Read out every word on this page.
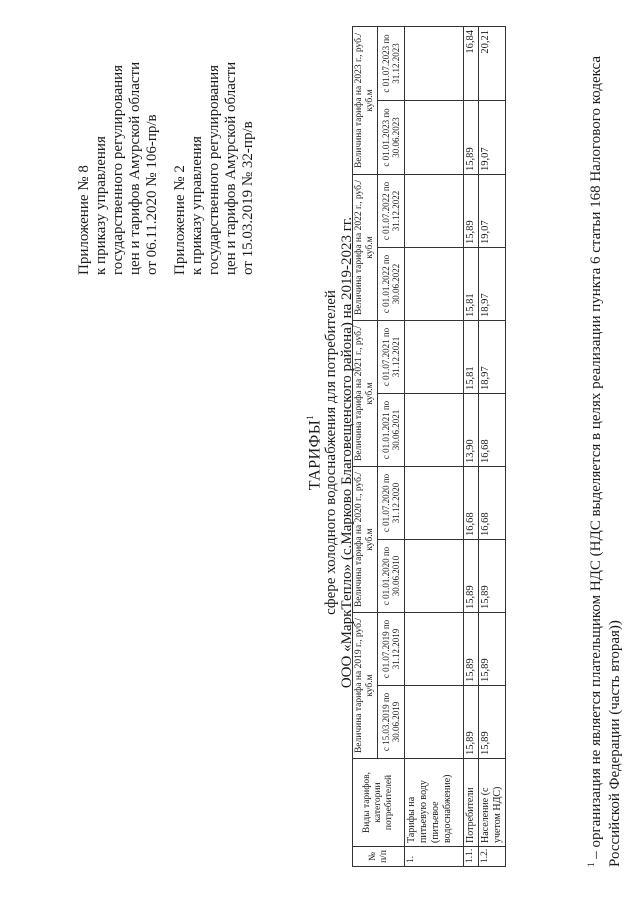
Приложение № 8 к приказу управления государственного регулирования цен и тарифов Амурской области от 06.11.2020 № 106-пр/в Приложение № 2 к приказу управления государственного регулирования цен и тарифов Амурской области от 15.03.2019 № 32-пр/в
ТАРИФЫ$^1$ сфере холодного водоснабжения для потребителей ООО «МаркТепло» (с.Марково Благовещенского района) на 2019-2023 гг.
№ п/п	Виды тарифов, категории потребителей	Величина тарифа на 2019 г., руб./куб.м		Величина тарифа на 2020 г., руб./куб.м		Величина тарифа на 2021 г., руб./куб.м		Величина тарифа на 2022 г., руб./куб.м		Величина тарифа на 2023 г., руб./куб.м	
		с 15.03.2019 по 30.06.2019	с 01.07.2019 по 31.12.2019	с 01.01.2020 по 30.06.2010	с 01.07.2020 по 31.12.2020	с 01.01.2021 по 30.06.2021	с 01.07.2021 по 31.12.2021	с 01.01.2022 по 30.06.2022	с 01.07.2022 по 31.12.2022	с 01.01.2023 по 30.06.2023	с 01.07.2023 по 31.12.2023
1.	Тарифы на питьевую воду (питьевое водоснабжение)										
1.1.	Потребители	15,89	15,89	15,89	16,68	13,90	15,81	15,81	15,89	15,89	16,84
1.2.	Население (с учетом НДС)	15,89	15,89	15,89	16,68	16,68	18,97	18,97	19,07	19,07	20,21
$^1$ – организация не является плательщиком НДС (НДС выделяется в целях реализации пункта 6 статьи 168 Налогового кодекса Российской Федерации (часть вторая))
